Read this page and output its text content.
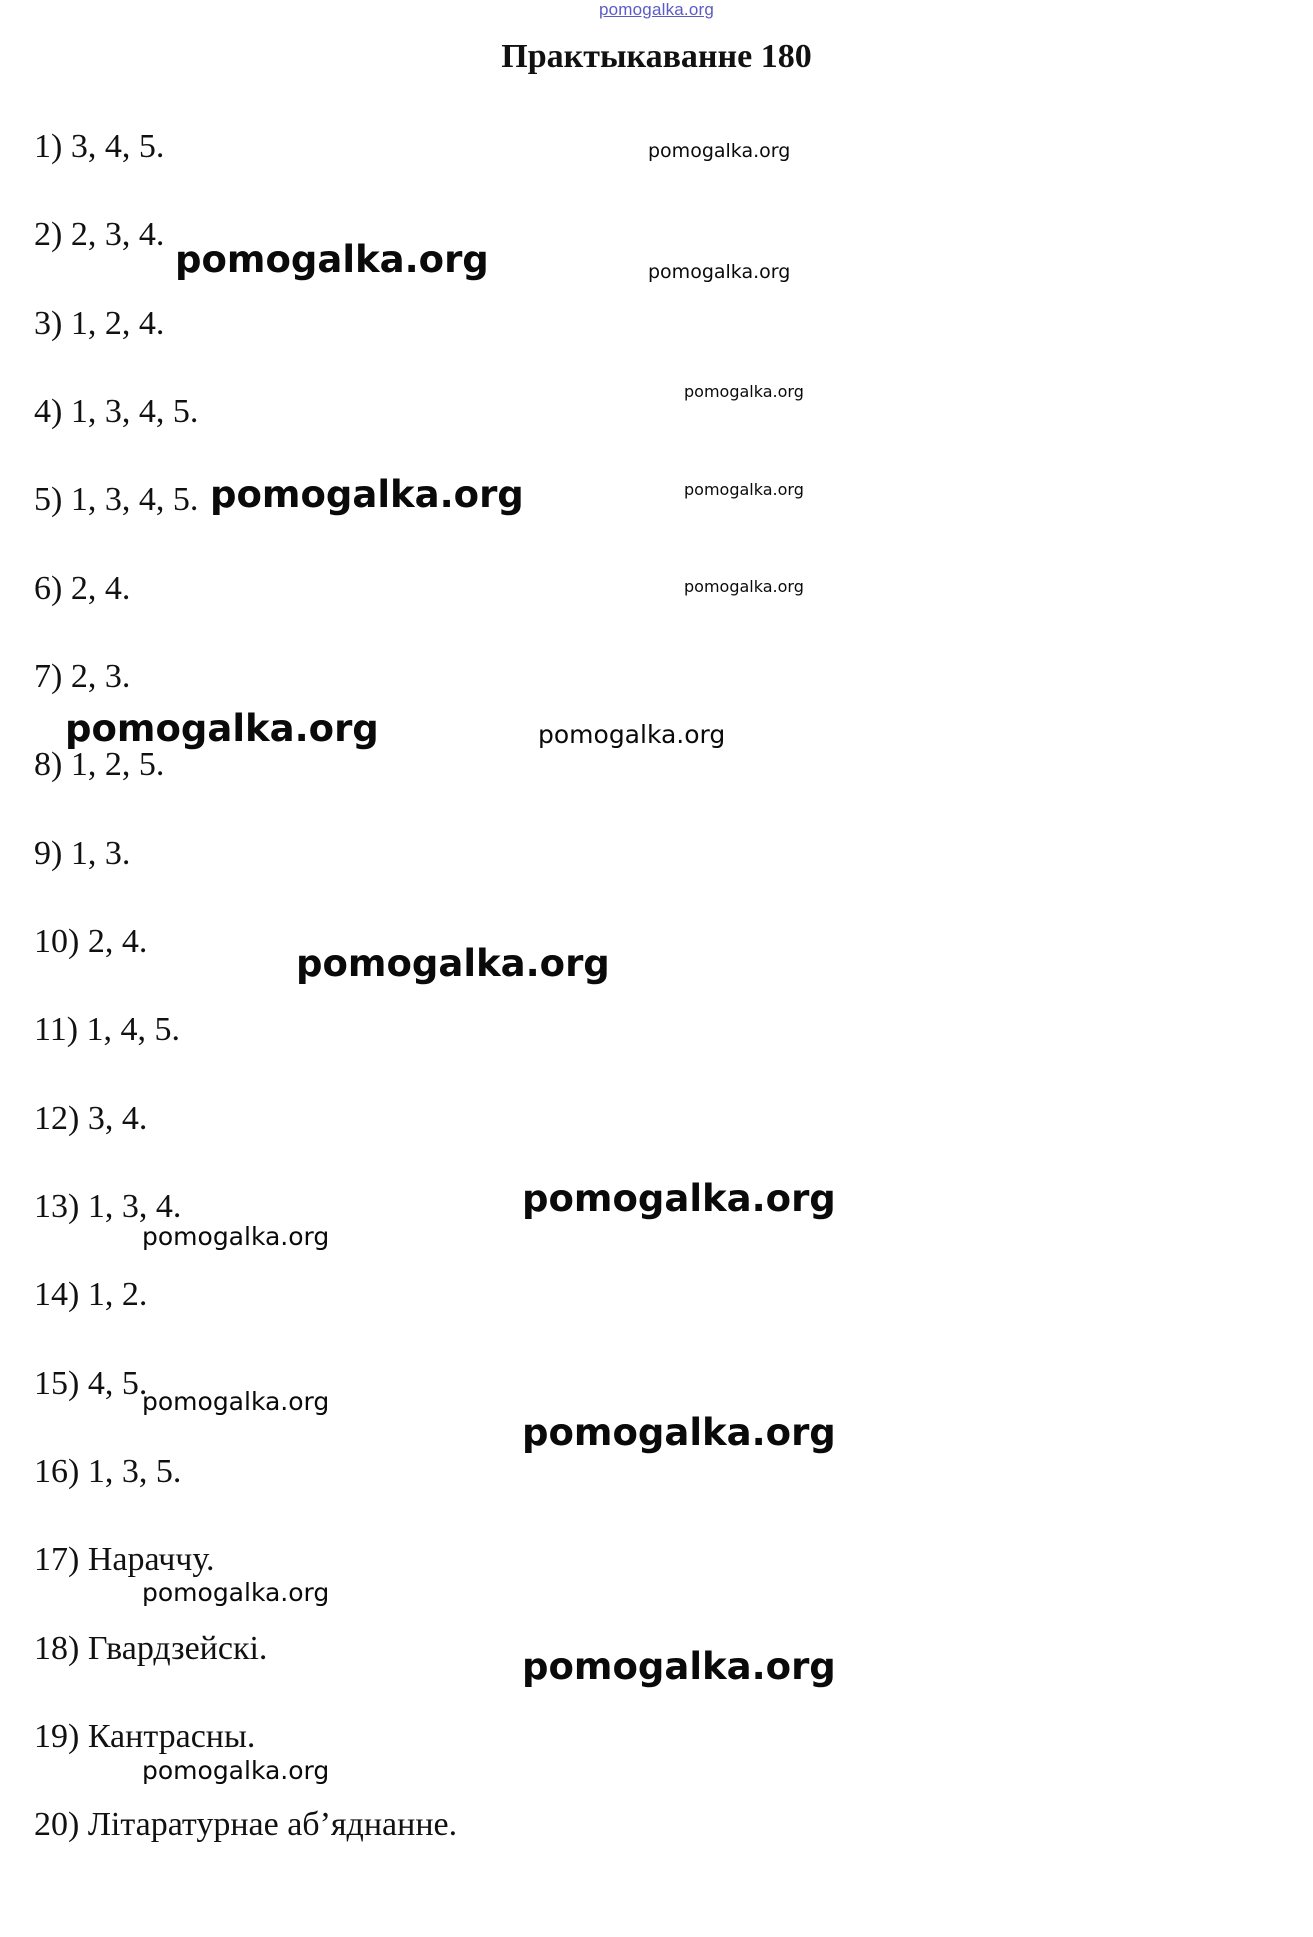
pomogalka.org
Практыкаванне 180
1) 3, 4, 5.
2) 2, 3, 4.
3) 1, 2, 4.
4) 1, 3, 4, 5.
5) 1, 3, 4, 5.
6) 2, 4.
7) 2, 3.
8) 1, 2, 5.
9) 1, 3.
10) 2, 4.
11) 1, 4, 5.
12) 3, 4.
13) 1, 3, 4.
14) 1, 2.
15) 4, 5.
16) 1, 3, 5.
17) Нараччу.
18) Гвардзейскі.
19) Кантрасны.
20) Літаратурнае аб’яднанне.
pomogalka.org
pomogalka.org	pomogalka.org
pomogalka.org
pomogalka.org	pomogalka.org
pomogalka.org
pomogalka.org	pomogalka.org
pomogalka.org
pomogalka.org
pomogalka.org
pomogalka.org
pomogalka.org
pomogalka.org
pomogalka.org
pomogalka.org
